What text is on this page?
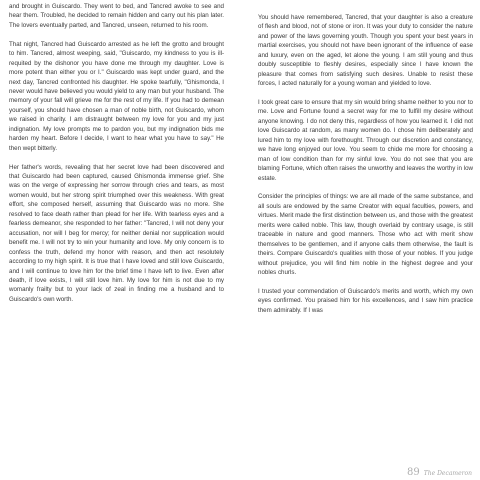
and brought in Guiscardo. They went to bed, and Tancred awoke to see and hear them. Troubled, he decided to remain hidden and carry out his plan later. The lovers eventually parted, and Tancred, unseen, returned to his room.

That night, Tancred had Guiscardo arrested as he left the grotto and brought to him. Tancred, almost weeping, said, "Guiscardo, my kindness to you is ill-requited by the dishonor you have done me through my daughter. Love is more potent than either you or I." Guiscardo was kept under guard, and the next day, Tancred confronted his daughter. He spoke tearfully, "Ghismonda, I never would have believed you would yield to any man but your husband. The memory of your fall will grieve me for the rest of my life. If you had to demean yourself, you should have chosen a man of noble birth, not Guiscardo, whom we raised in charity. I am distraught between my love for you and my just indignation. My love prompts me to pardon you, but my indignation bids me harden my heart. Before I decide, I want to hear what you have to say." He then wept bitterly.

Her father's words, revealing that her secret love had been discovered and that Guiscardo had been captured, caused Ghismonda immense grief. She was on the verge of expressing her sorrow through cries and tears, as most women would, but her strong spirit triumphed over this weakness. With great effort, she composed herself, assuming that Guiscardo was no more. She resolved to face death rather than plead for her life. With tearless eyes and a fearless demeanor, she responded to her father: "Tancred, I will not deny your accusation, nor will I beg for mercy; for neither denial nor supplication would benefit me. I will not try to win your humanity and love. My only concern is to confess the truth, defend my honor with reason, and then act resolutely according to my high spirit. It is true that I have loved and still love Guiscardo, and I will continue to love him for the brief time I have left to live. Even after death, if love exists, I will still love him. My love for him is not due to my womanly frailty but to your lack of zeal in finding me a husband and to Guiscardo's own worth.

You should have remembered, Tancred, that your daughter is also a creature of flesh and blood, not of stone or iron. It was your duty to consider the nature and power of the laws governing youth. Though you spent your best years in martial exercises, you should not have been ignorant of the influence of ease and luxury, even on the aged, let alone the young. I am still young and thus doubly susceptible to fleshly desires, especially since I have known the pleasure that comes from satisfying such desires. Unable to resist these forces, I acted naturally for a young woman and yielded to love.

I took great care to ensure that my sin would bring shame neither to you nor to me. Love and Fortune found a secret way for me to fulfill my desire without anyone knowing. I do not deny this, regardless of how you learned it. I did not love Guiscardo at random, as many women do. I chose him deliberately and lured him to my love with forethought. Through our discretion and constancy, we have long enjoyed our love. You seem to chide me more for choosing a man of low condition than for my sinful love. You do not see that you are blaming Fortune, which often raises the unworthy and leaves the worthy in low estate.

Consider the principles of things: we are all made of the same substance, and all souls are endowed by the same Creator with equal faculties, powers, and virtues. Merit made the first distinction between us, and those with the greatest merits were called noble. This law, though overlaid by contrary usage, is still traceable in nature and good manners. Those who act with merit show themselves to be gentlemen, and if anyone calls them otherwise, the fault is theirs. Compare Guiscardo's qualities with those of your nobles. If you judge without prejudice, you will find him noble in the highest degree and your nobles churls.

I trusted your commendation of Guiscardo's merits and worth, which my own eyes confirmed. You praised him for his excellences, and I saw him practice them admirably. If I was

89 The Decameron
